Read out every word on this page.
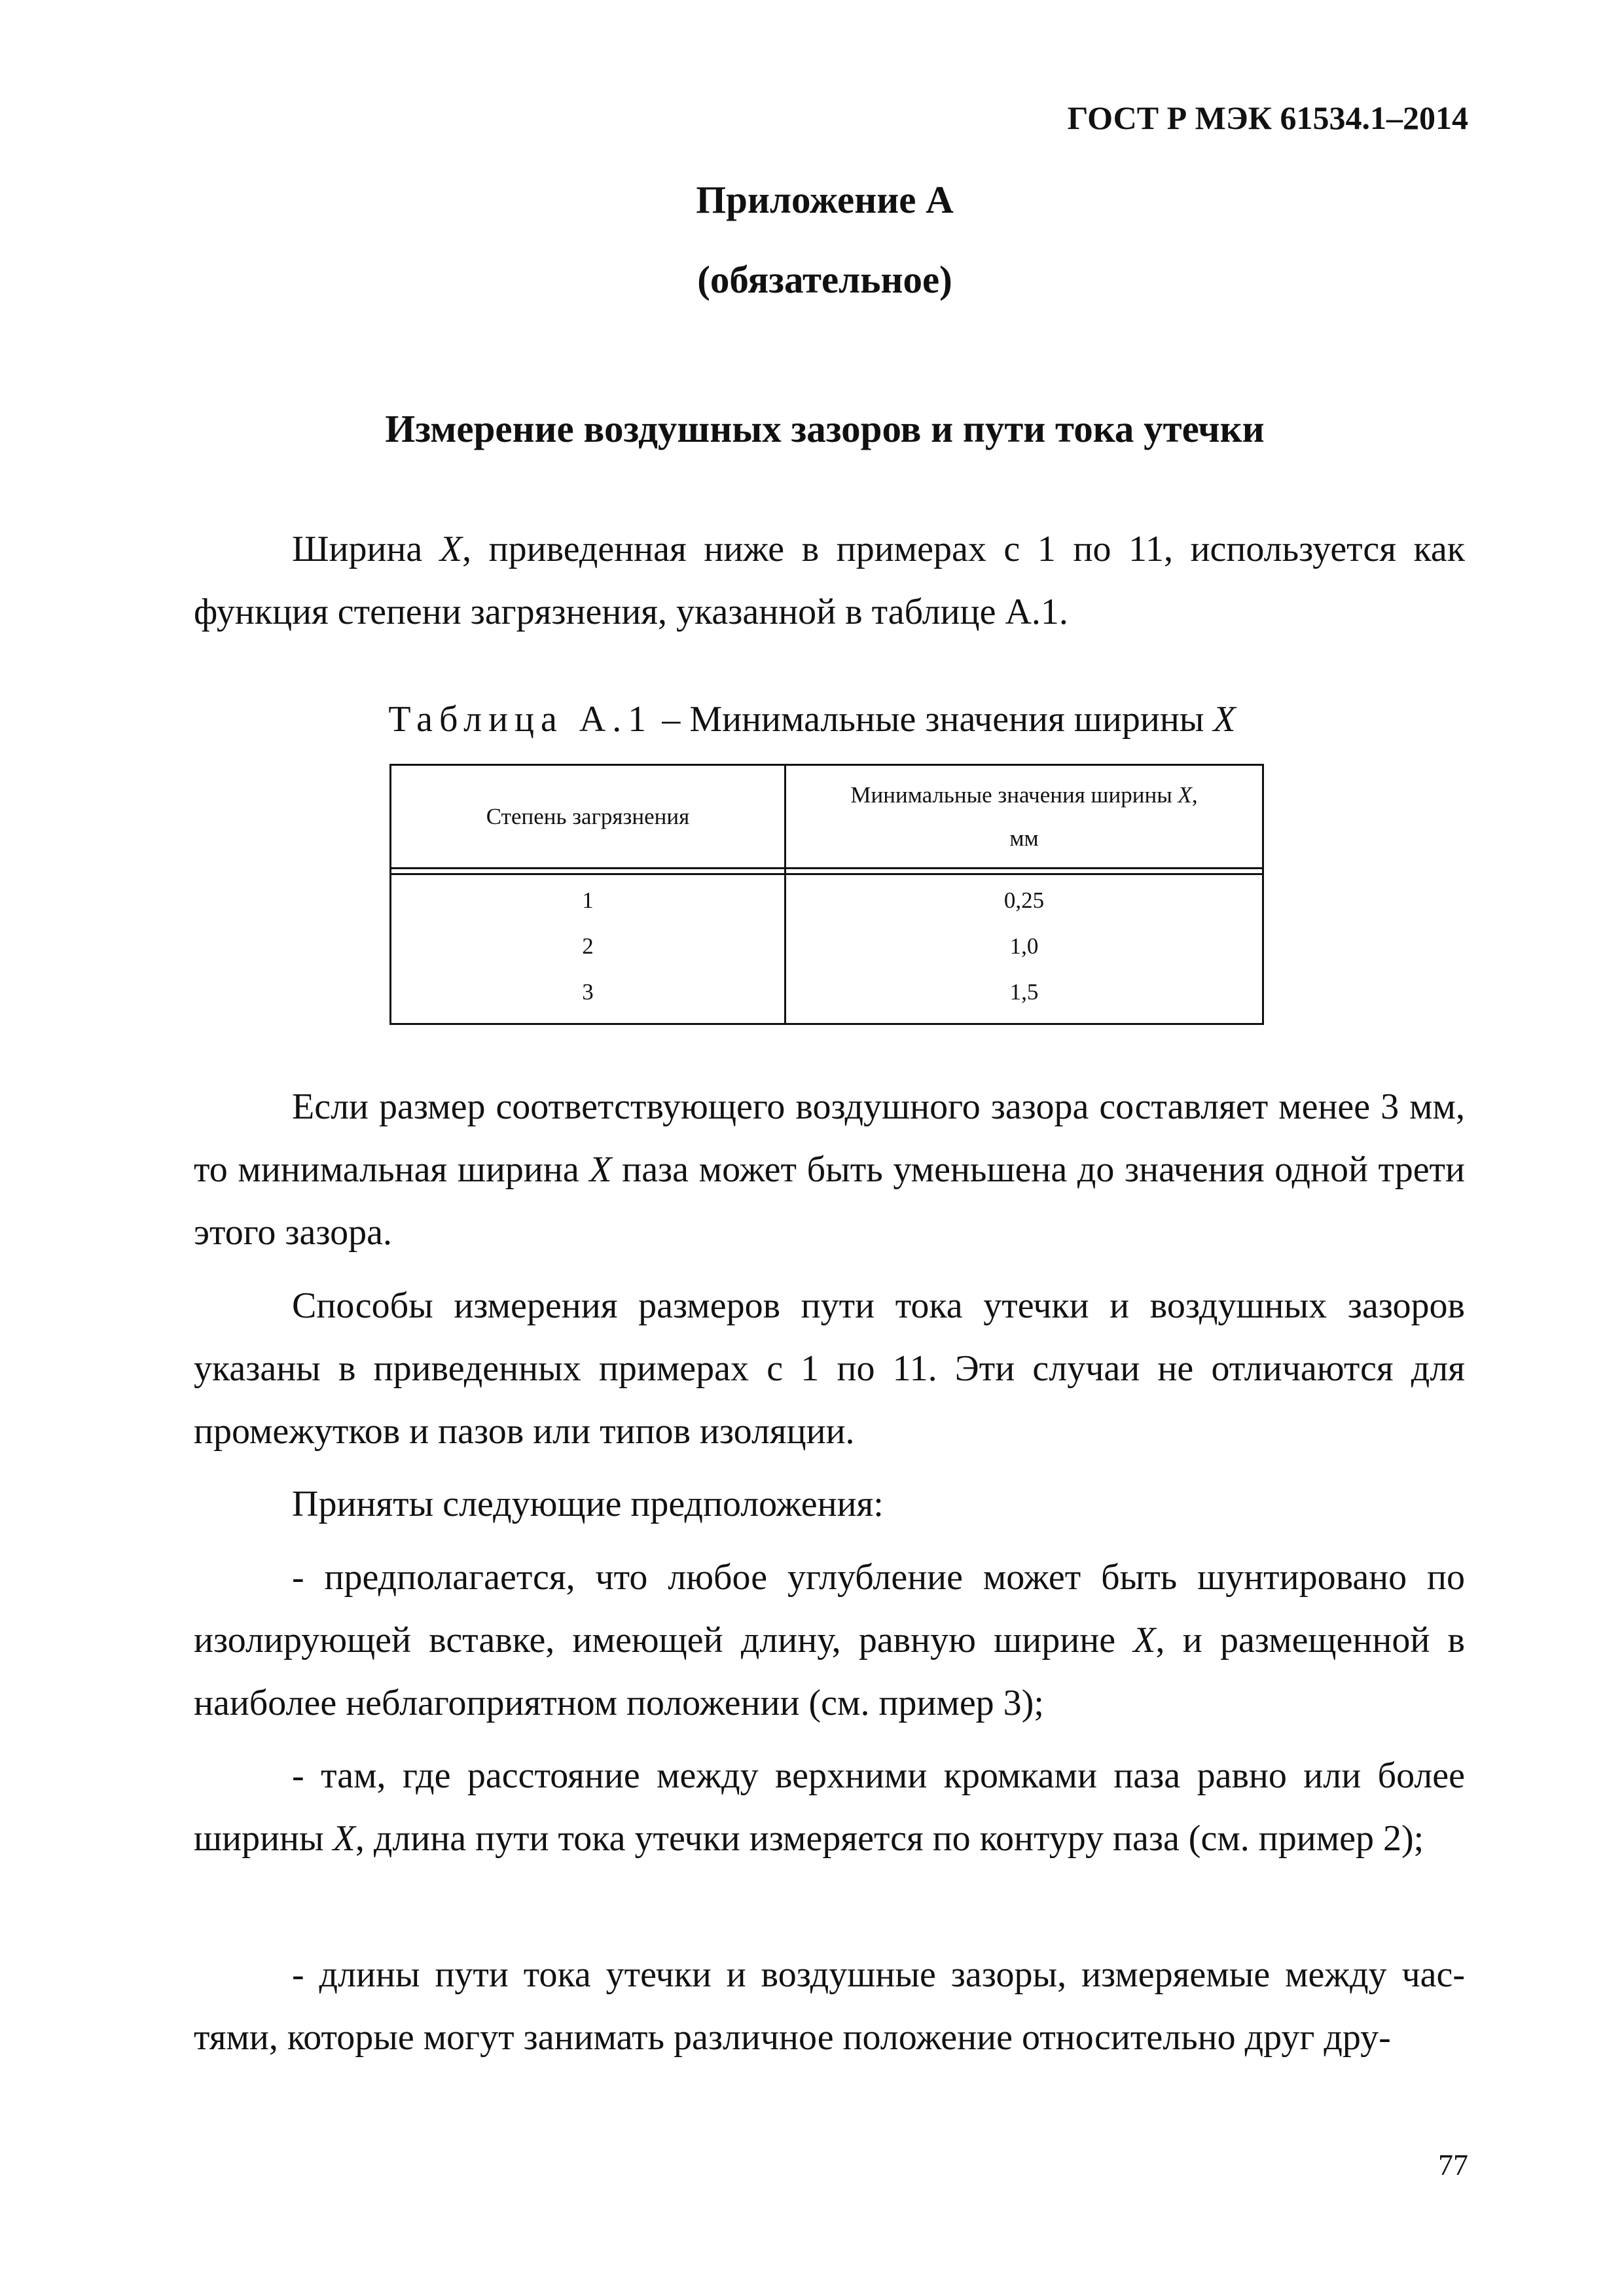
ГОСТ Р МЭК 61534.1–2014
Приложение А
(обязательное)
Измерение воздушных зазоров и пути тока утечки
Ширина X, приведенная ниже в примерах с 1 по 11, используется как функция степени загрязнения, указанной в таблице А.1.
Таблица А.1 – Минимальные значения ширины X
Степень загрязнения	Минимальные значения ширины X,
мм

1	0,25
2	1,0
3	1,5
Если размер соответствующего воздушного зазора составляет менее 3 мм, то минимальная ширина X паза может быть уменьшена до значения одной трети этого зазора.
Способы измерения размеров пути тока утечки и воздушных зазоров указаны в приведенных примерах с 1 по 11. Эти случаи не отличаются для промежутков и пазов или типов изоляции.
Приняты следующие предположения:
- предполагается, что любое углубление может быть шунтировано по изолирующей вставке, имеющей длину, равную ширине X, и размещенной в наиболее неблагоприятном положении (см. пример 3);
- там, где расстояние между верхними кромками паза равно или более ширины X, длина пути тока утечки измеряется по контуру паза (см. пример 2);
- длины пути тока утечки и воздушные зазоры, измеряемые между частями, которые могут занимать различное положение относительно друг дру-
77
